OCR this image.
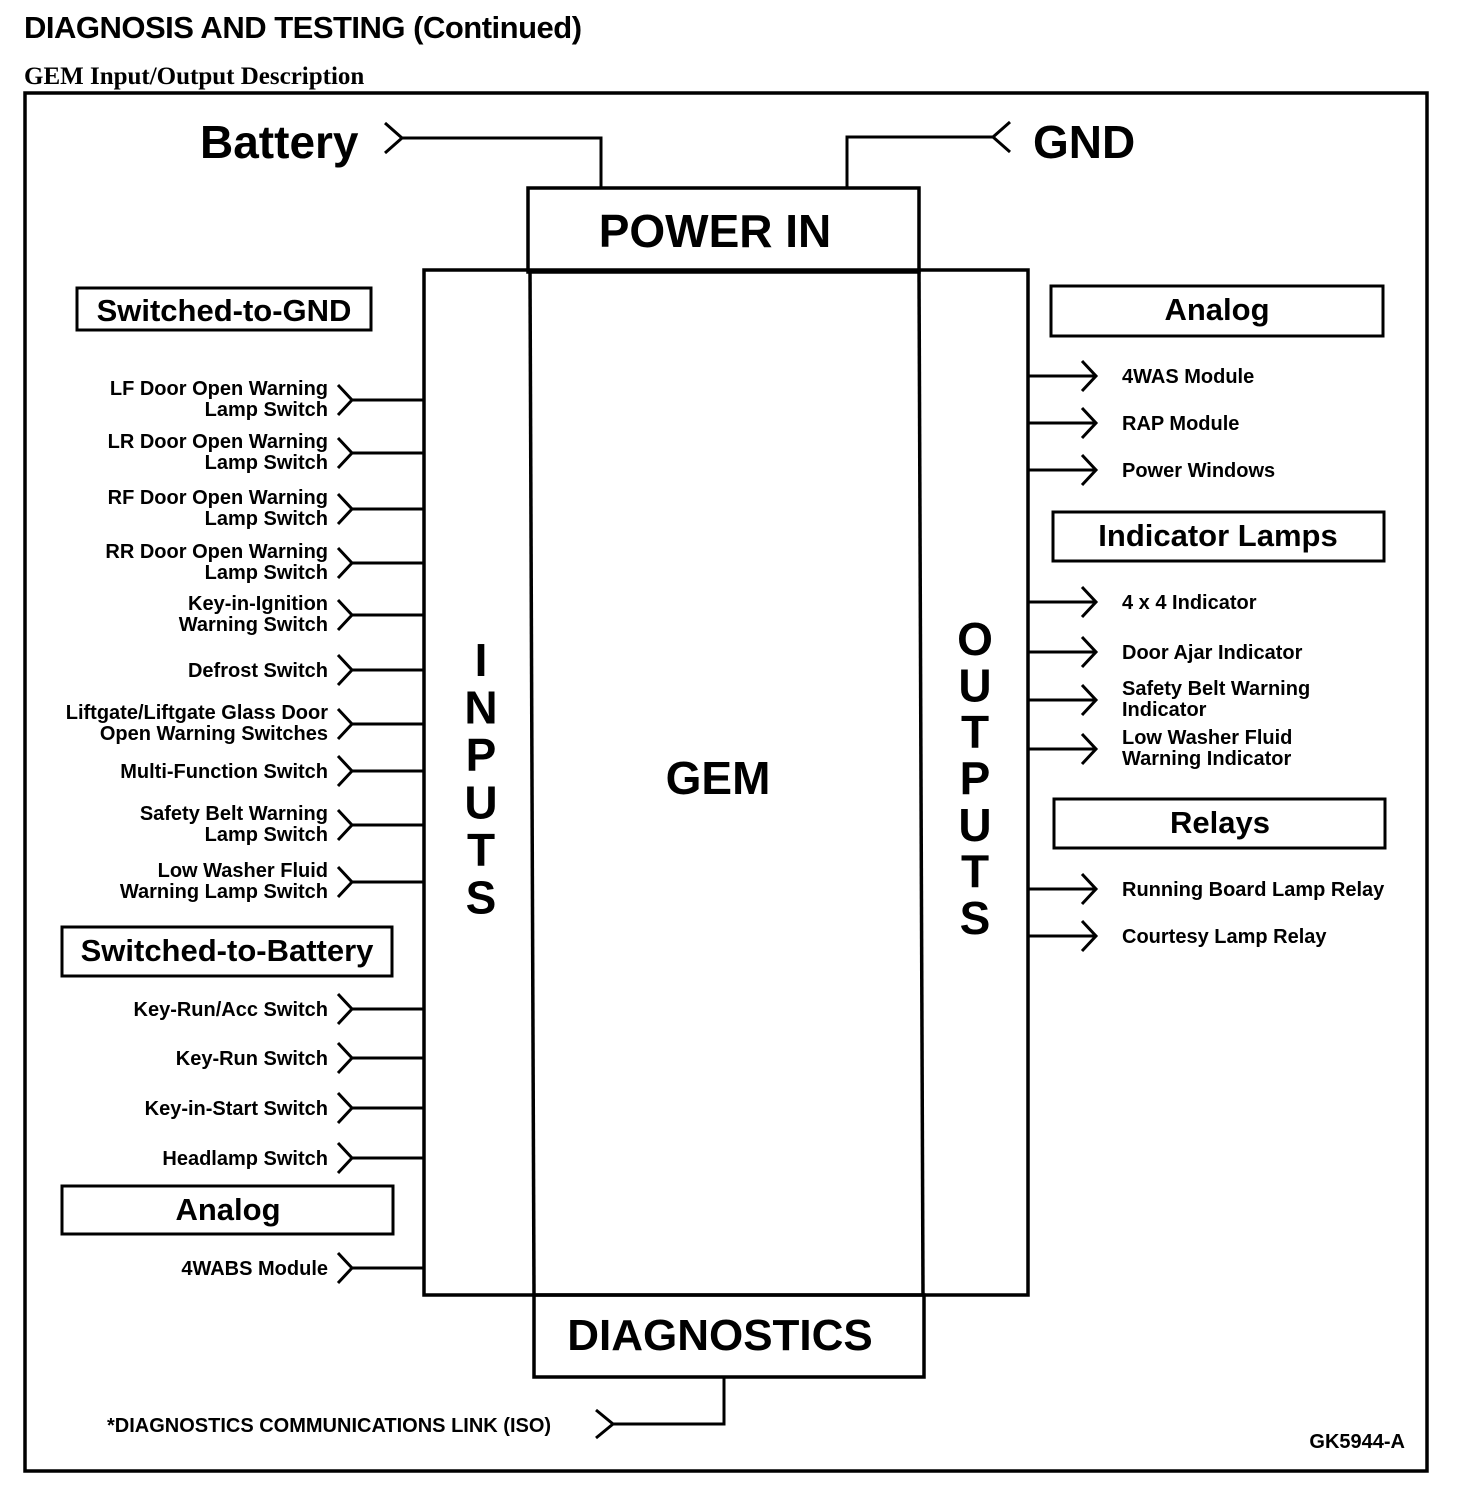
DIAGNOSIS AND TESTING (Continued)
GEM Input/Output Description
Battery	GND
POWER IN
GEM
I
N
P
U
T
S
O
U
T
P
U
T
S
DIAGNOSTICS
*DIAGNOSTICS COMMUNICATIONS LINK (ISO)
GK5944-A
Switched-to-GND
Switched-to-Battery
Analog
Analog
Indicator Lamps
Relays
LF Door Open Warning
Lamp Switch
LR Door Open Warning
Lamp Switch
RF Door Open Warning
Lamp Switch
RR Door Open Warning
Lamp Switch
Key-in-Ignition
Warning Switch
Defrost Switch
Liftgate/Liftgate Glass Door
Open Warning Switches
Multi-Function Switch
Safety Belt Warning
Lamp Switch
Low Washer Fluid
Warning Lamp Switch
Key-Run/Acc Switch
Key-Run Switch
Key-in-Start Switch
Headlamp Switch
4WABS Module
4WAS Module
RAP Module
Power Windows
4 x 4 Indicator
Door Ajar Indicator
Safety Belt Warning
Indicator
Low Washer Fluid
Warning Indicator
Running Board Lamp Relay
Courtesy Lamp Relay
